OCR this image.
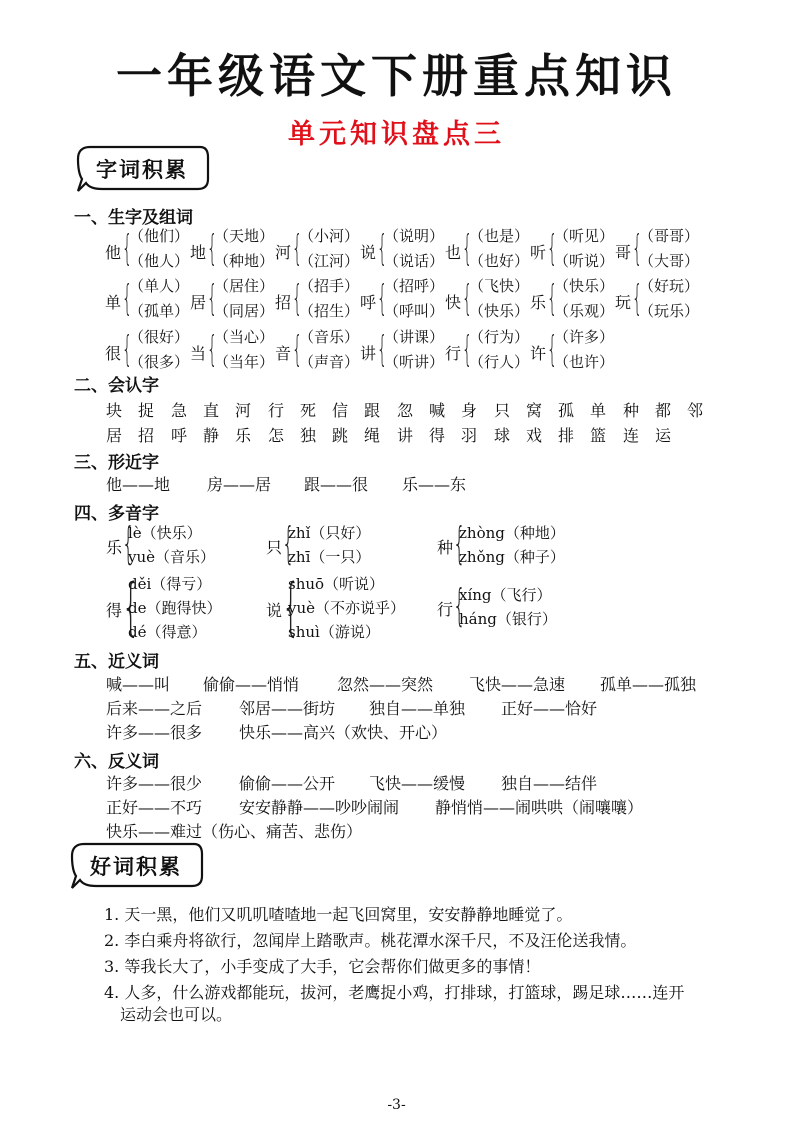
一年级语文下册重点知识
单元知识盘点三
字词积累
一、生字及组词
他 {
（他们）
（他人） 地 {
（天地）
（种地） 河 {
（小河）
（江河） 说 {
（说明）
（说话） 也 {
（也是）
（也好） 听 {
（听见）
（听说） 哥 {
（哥哥）
（大哥）
单 {
（单人）
（孤单） 居 {
（居住）
（同居） 招 {
（招手）
（招生） 呼 {
（招呼）
（呼叫） 快 {
（飞快）
（快乐） 乐 {
（快乐）
（乐观） 玩 {
（好玩）
（玩乐）
很 {
（很好）
（很多） 当 {
（当心）
（当年） 音 {
（音乐）
（声音） 讲 {
（讲课）
（听讲） 行 {
（行为）
（行人） 许 {
（许多）
（也许）
二、会认字
块 捉 急 直 河 行 死 信 跟 忽 喊 身 只 窝 孤 单 种 都 邻
居 招 呼 静 乐 怎 独 跳 绳 讲 得 羽 球 戏 排 篮 连 运
三、形近字
他——地 房——居 跟——很 乐——东
四、多音字
乐 {
lè（快乐）
yuè（音乐）	只 {
zhǐ（只好）
zhī（一只）	种 {
zhòng（种地）
zhǒng（种子）
得 {
děi（得亏）
de（跑得快）
dé（得意）
说 {
shuō（听说）
yuè（不亦说乎）
shuì（游说）
行 {
xíng（飞行）
háng（银行）
五、近义词
喊——叫 偷偷——悄悄 忽然——突然 飞快——急速 孤单——孤独
后来——之后 邻居——街坊 独自——单独 正好——恰好
许多——很多 快乐——高兴（欢快、开心）
六、反义词
许多——很少 偷偷——公开 飞快——缓慢 独自——结伴
正好——不巧 安安静静——吵吵闹闹 静悄悄——闹哄哄（闹嚷嚷）
快乐——难过（伤心、痛苦、悲伤）
好词积累
1. 天一黑，他们又叽叽喳喳地一起飞回窝里，安安静静地睡觉了。
2. 李白乘舟将欲行，忽闻岸上踏歌声。桃花潭水深千尺，不及汪伦送我情。
3. 等我长大了，小手变成了大手，它会帮你们做更多的事情！
4. 人多，什么游戏都能玩，拔河，老鹰捉小鸡，打排球，打篮球，踢足球……连开
运动会也可以。
-3-
